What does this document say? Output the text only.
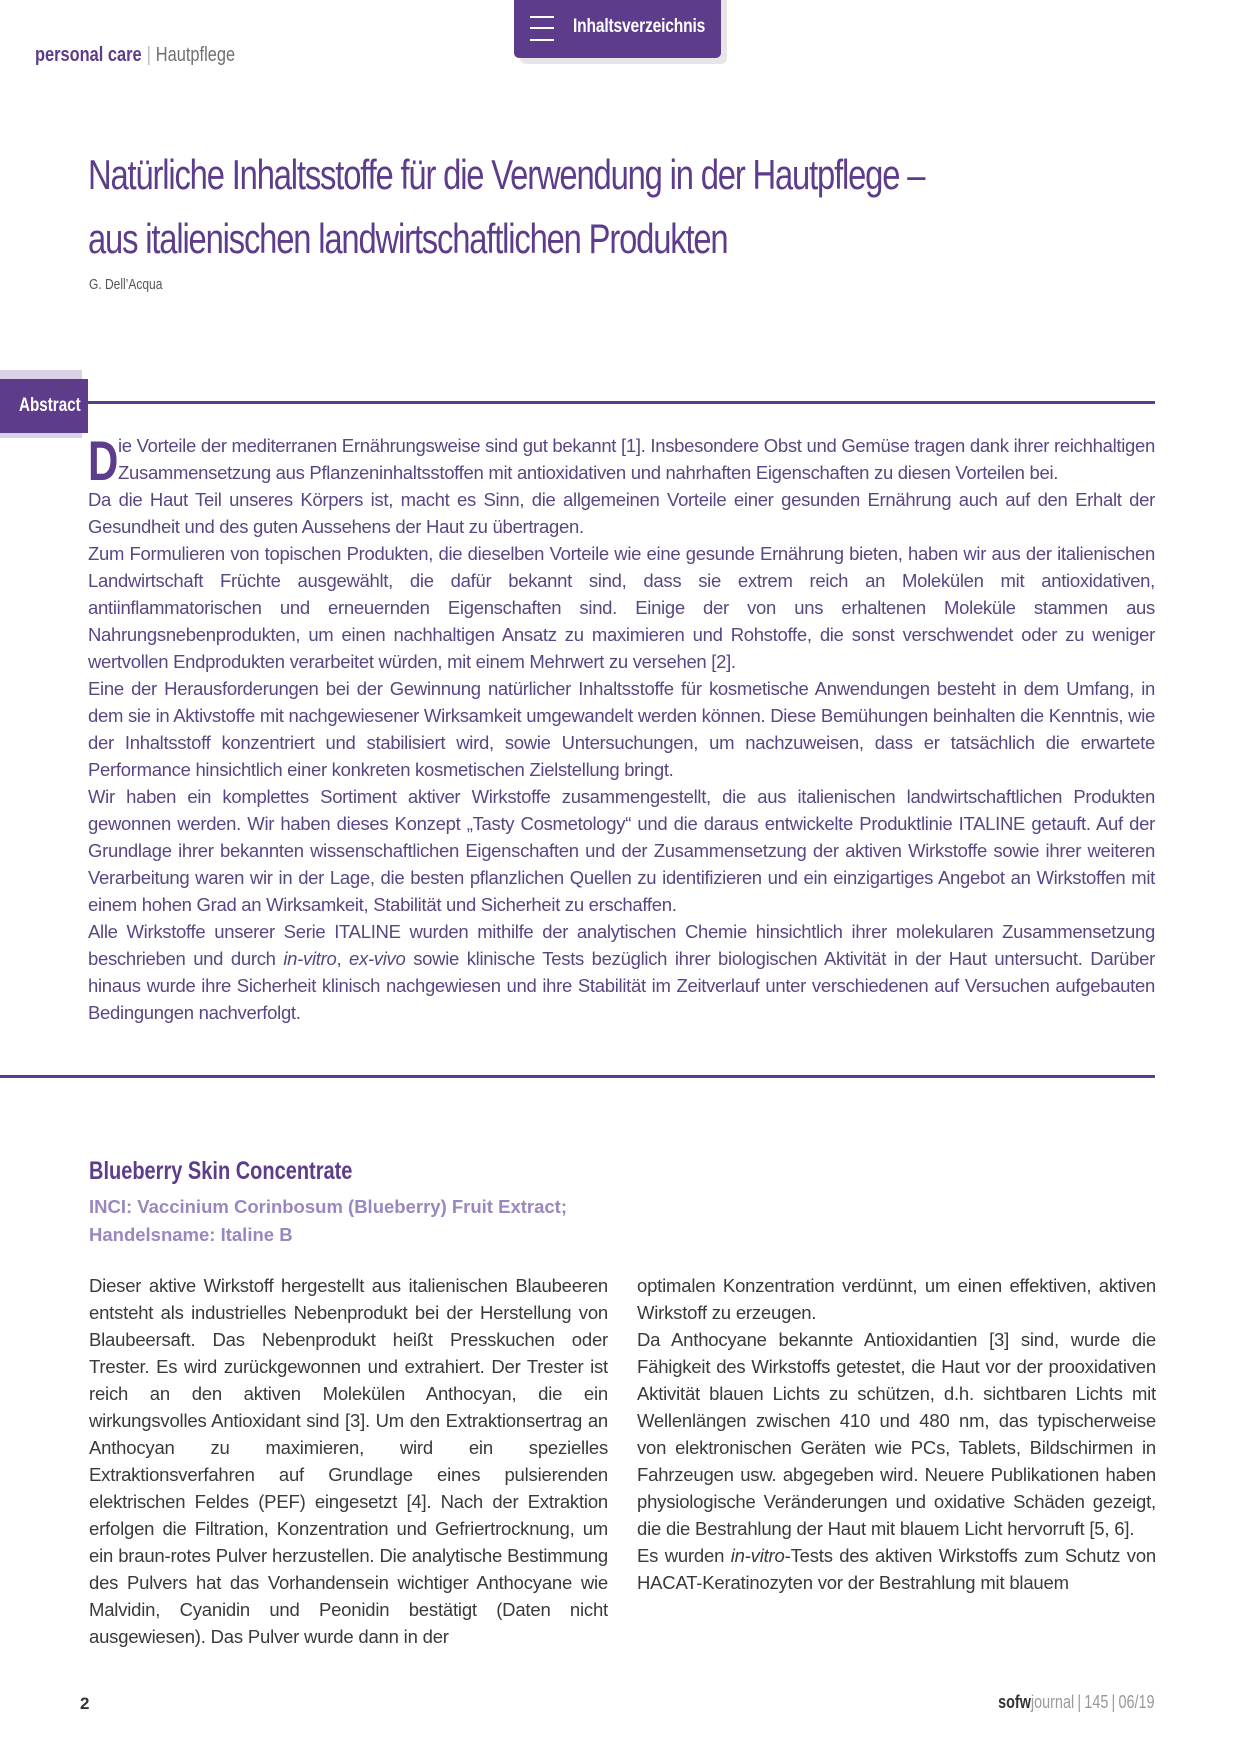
Inhaltsverzeichnis
personal care | Hautpflege
Natürliche Inhaltsstoffe für die Verwendung in der Hautpflege –
aus italienischen landwirtschaftlichen Produkten
G. Dell’Acqua
Abstract

Die Vorteile der mediterranen Ernährungsweise sind gut bekannt [1]. Insbesondere Obst und Gemüse tragen dank ihrer reichhaltigen Zusammensetzung aus Pflanzeninhaltsstoffen mit antioxidativen und nahrhaften Eigenschaften zu diesen Vorteilen bei.

Da die Haut Teil unseres Körpers ist, macht es Sinn, die allgemeinen Vorteile einer gesunden Ernährung auch auf den Erhalt der Gesundheit und des guten Aussehens der Haut zu übertragen.

Zum Formulieren von topischen Produkten, die dieselben Vorteile wie eine gesunde Ernährung bieten, haben wir aus der italienischen Landwirtschaft Früchte ausgewählt, die dafür bekannt sind, dass sie extrem reich an Molekülen mit antioxidativen, antiinflammatorischen und erneuernden Eigenschaften sind. Einige der von uns erhaltenen Moleküle stammen aus Nahrungsnebenprodukten, um einen nachhaltigen Ansatz zu maximieren und Rohstoffe, die sonst verschwendet oder zu weniger wertvollen Endprodukten verarbeitet würden, mit einem Mehrwert zu versehen [2].

Eine der Herausforderungen bei der Gewinnung natürlicher Inhaltsstoffe für kosmetische Anwendungen besteht in dem Umfang, in dem sie in Aktivstoffe mit nachgewiesener Wirksamkeit umgewandelt werden können. Diese Bemühungen beinhalten die Kenntnis, wie der Inhaltsstoff konzentriert und stabilisiert wird, sowie Untersuchungen, um nachzuweisen, dass er tatsächlich die erwartete Performance hinsichtlich einer konkreten kosmetischen Zielstellung bringt.

Wir haben ein komplettes Sortiment aktiver Wirkstoffe zusammengestellt, die aus italienischen landwirtschaftlichen Produkten gewonnen werden. Wir haben dieses Konzept „Tasty Cosmetology“ und die daraus entwickelte Produktlinie ITALINE getauft. Auf der Grundlage ihrer bekannten wissenschaftlichen Eigenschaften und der Zusammensetzung der aktiven Wirkstoffe sowie ihrer weiteren Verarbeitung waren wir in der Lage, die besten pflanzlichen Quellen zu identifizieren und ein einzigartiges Angebot an Wirkstoffen mit einem hohen Grad an Wirksamkeit, Stabilität und Sicherheit zu erschaffen.

Alle Wirkstoffe unserer Serie ITALINE wurden mithilfe der analytischen Chemie hinsichtlich ihrer molekularen Zusammensetzung beschrieben und durch in-vitro, ex-vivo sowie klinische Tests bezüglich ihrer biologischen Aktivität in der Haut untersucht. Darüber hinaus wurde ihre Sicherheit klinisch nachgewiesen und ihre Stabilität im Zeitverlauf unter verschiedenen auf Versuchen aufgebauten Bedingungen nachverfolgt.

Blueberry Skin Concentrate
INCI: Vaccinium Corinbosum (Blueberry) Fruit Extract;
Handelsname: Italine B

Dieser aktive Wirkstoff hergestellt aus italienischen Blaubeeren entsteht als industrielles Nebenprodukt bei der Herstellung von Blaubeersaft. Das Nebenprodukt heißt Presskuchen oder Trester. Es wird zurückgewonnen und extrahiert. Der Trester ist reich an den aktiven Molekülen Anthocyan, die ein wirkungsvolles Antioxidant sind [3]. Um den Extraktionsertrag an Anthocyan zu maximieren, wird ein spezielles Extraktionsverfahren auf Grundlage eines pulsierenden elektrischen Feldes (PEF) eingesetzt [4]. Nach der Extraktion erfolgen die Filtration, Konzentration und Gefriertrocknung, um ein braun-rotes Pulver herzustellen. Die analytische Bestimmung des Pulvers hat das Vorhandensein wichtiger Anthocyane wie Malvidin, Cyanidin und Peonidin bestätigt (Daten nicht ausgewiesen). Das Pulver wurde dann in der

optimalen Konzentration verdünnt, um einen effektiven, aktiven Wirkstoff zu erzeugen.

Da Anthocyane bekannte Antioxidantien [3] sind, wurde die Fähigkeit des Wirkstoffs getestet, die Haut vor der prooxidativen Aktivität blauen Lichts zu schützen, d.h. sichtbaren Lichts mit Wellenlängen zwischen 410 und 480 nm, das typischerweise von elektronischen Geräten wie PCs, Tablets, Bildschirmen in Fahrzeugen usw. abgegeben wird. Neuere Publikationen haben physiologische Veränderungen und oxidative Schäden gezeigt, die die Bestrahlung der Haut mit blauem Licht hervorruft [5, 6].

Es wurden in-vitro-Tests des aktiven Wirkstoffs zum Schutz von HACAT-Keratinozyten vor der Bestrahlung mit blauem

2	sofwjournal | 145 | 06/19
